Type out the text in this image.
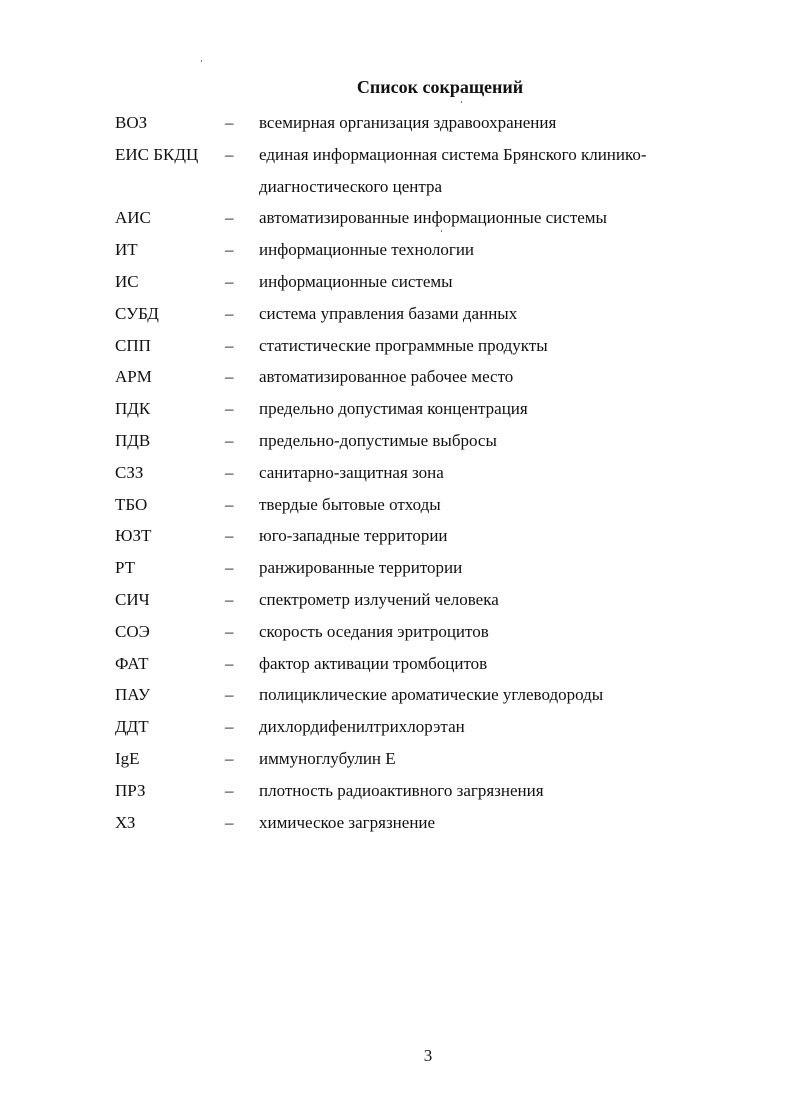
Список сокращений
ВОЗ	–	всемирная организация здравоохранения
ЕИС БКДЦ	–	единая информационная система Брянского клинико-диагностического центра
АИС	–	автоматизированные информационные системы
ИТ	–	информационные технологии
ИС	–	информационные системы
СУБД	–	система управления базами данных
СПП	–	статистические программные продукты
АРМ	–	автоматизированное рабочее место
ПДК	–	предельно допустимая концентрация
ПДВ	–	предельно-допустимые выбросы
СЗЗ	–	санитарно-защитная зона
ТБО	–	твердые бытовые отходы
ЮЗТ	–	юго-западные территории
РТ	–	ранжированные территории
СИЧ	–	спектрометр излучений человека
СОЭ	–	скорость оседания эритроцитов
ФАТ	–	фактор активации тромбоцитов
ПАУ	–	полициклические ароматические углеводороды
ДДТ	–	дихлордифенилтрихлорэтан
IgE	–	иммуноглубулин Е
ПРЗ	–	плотность радиоактивного загрязнения
ХЗ	–	химическое загрязнение
3
